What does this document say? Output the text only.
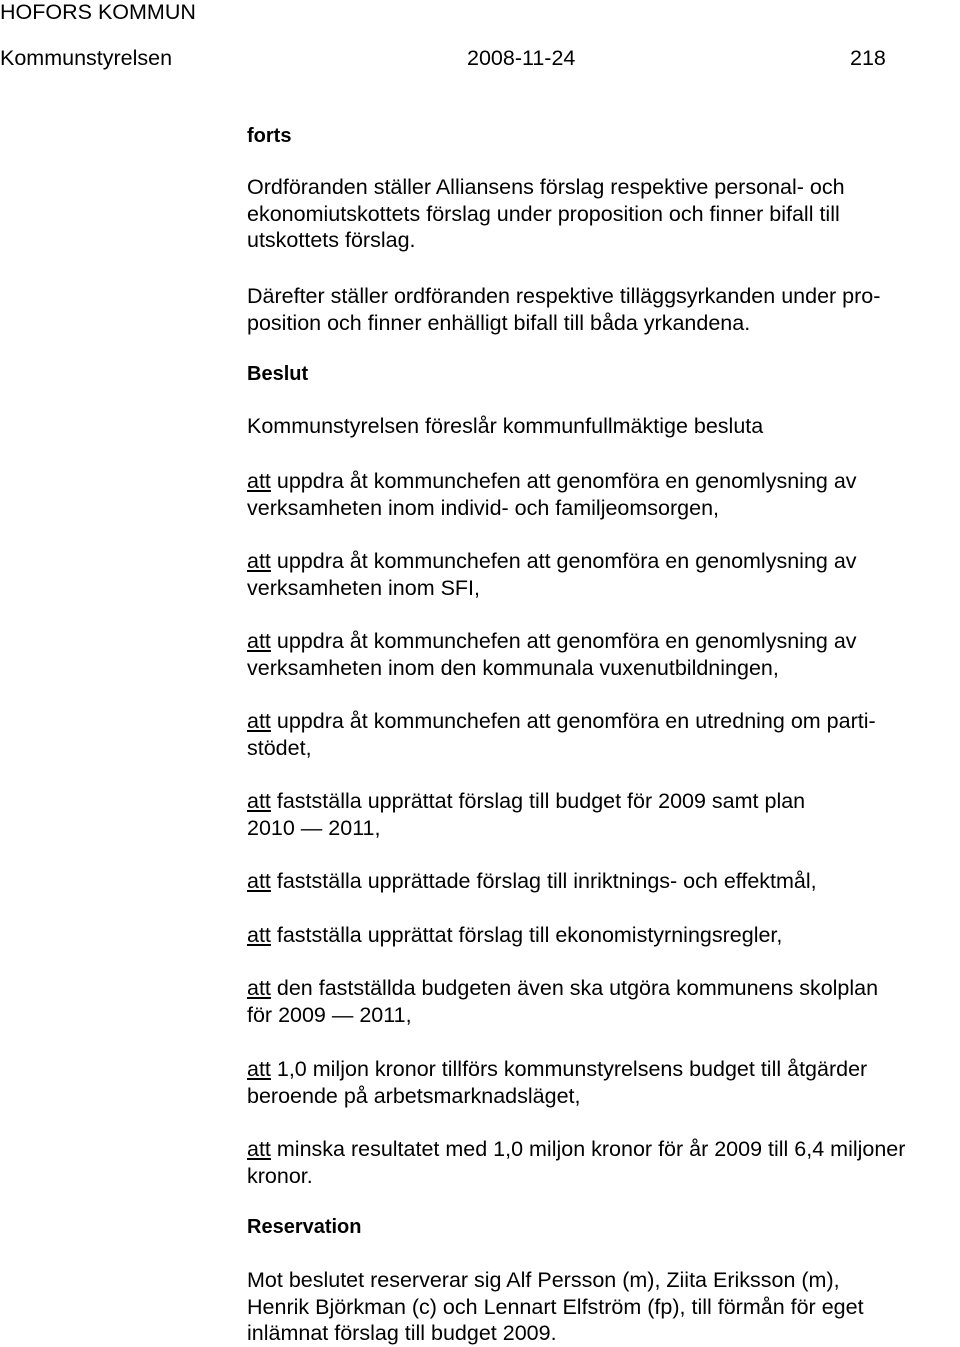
HOFORS KOMMUN
Kommunstyrelsen	2008-11-24	218
forts
Ordföranden ställer Alliansens förslag respektive personal- och
ekonomiutskottets förslag under proposition och finner bifall till
utskottets förslag.
Därefter ställer ordföranden respektive tilläggsyrkanden under pro-
position och finner enhälligt bifall till båda yrkandena.
Beslut
Kommunstyrelsen föreslår kommunfullmäktige besluta
att uppdra åt kommunchefen att genomföra en genomlysning av
verksamheten inom individ- och familjeomsorgen,
att uppdra åt kommunchefen att genomföra en genomlysning av
verksamheten inom SFI,
att uppdra åt kommunchefen att genomföra en genomlysning av
verksamheten inom den kommunala vuxenutbildningen,
att uppdra åt kommunchefen att genomföra en utredning om parti-
stödet,
att fastställa upprättat förslag till budget för 2009 samt plan
2010 — 2011,
att fastställa upprättade förslag till inriktnings- och effektmål,
att fastställa upprättat förslag till ekonomistyrningsregler,
att den fastställda budgeten även ska utgöra kommunens skolplan
för 2009 — 2011,
att 1,0 miljon kronor tillförs kommunstyrelsens budget till åtgärder
beroende på arbetsmarknadsläget,
att minska resultatet med 1,0 miljon kronor för år 2009 till 6,4 miljoner
kronor.
Reservation
Mot beslutet reserverar sig Alf Persson (m), Ziita Eriksson (m),
Henrik Björkman (c) och Lennart Elfström (fp), till förmån för eget
inlämnat förslag till budget 2009.
